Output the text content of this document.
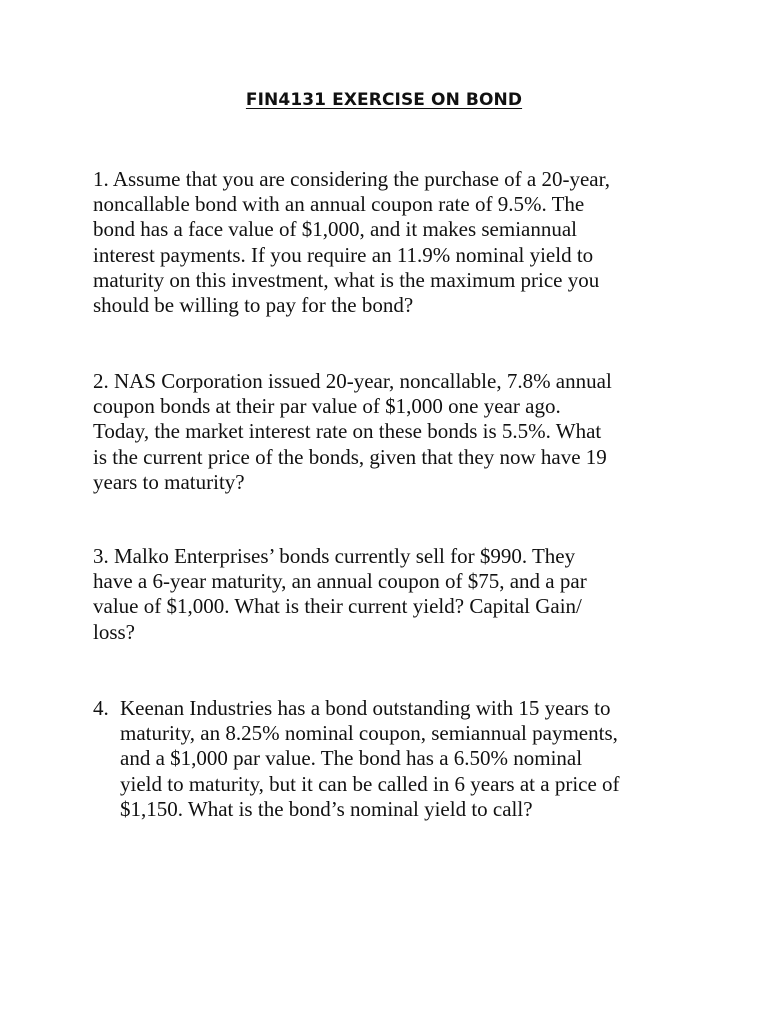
FIN4131 EXERCISE ON BOND

1. Assume that you are considering the purchase of a 20-year,
noncallable bond with an annual coupon rate of 9.5%. The
bond has a face value of $1,000, and it makes semiannual
interest payments. If you require an 11.9% nominal yield to
maturity on this investment, what is the maximum price you
should be willing to pay for the bond?

2. NAS Corporation issued 20-year, noncallable, 7.8% annual
coupon bonds at their par value of $1,000 one year ago.
Today, the market interest rate on these bonds is 5.5%. What
is the current price of the bonds, given that they now have 19
years to maturity?

3. Malko Enterprises’ bonds currently sell for $990. They
have a 6-year maturity, an annual coupon of $75, and a par
value of $1,000. What is their current yield? Capital Gain/
loss?

4. Keenan Industries has a bond outstanding with 15 years to
maturity, an 8.25% nominal coupon, semiannual payments,
and a $1,000 par value. The bond has a 6.50% nominal
yield to maturity, but it can be called in 6 years at a price of
$1,150. What is the bond’s nominal yield to call?
